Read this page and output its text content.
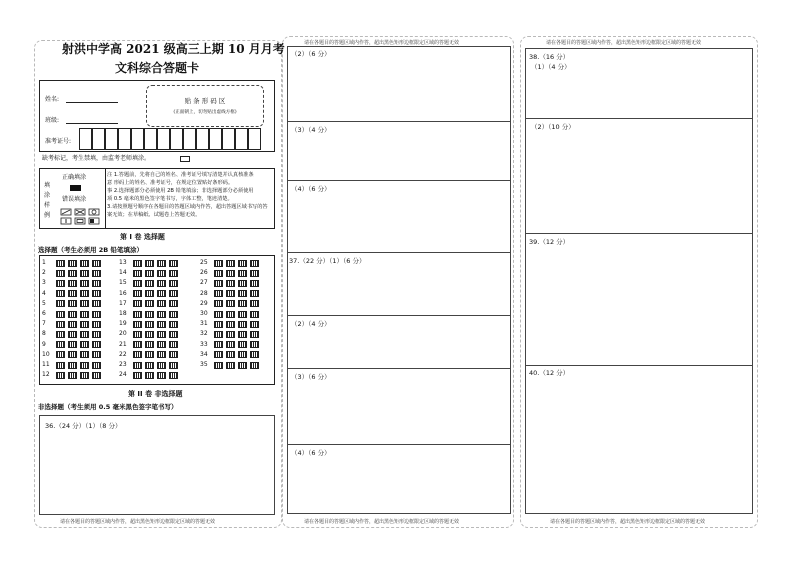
射洪中学高 2021 级高三上期 10 月月考
文科综合答题卡
姓名:
班级:
准考证号:
贴 条 形 码 区
(正面朝上，切勿贴出虚线方框)
缺考标记，考生禁填，由监考老师填涂。
填
涂
样
例
正确填涂
错误填涂
注 1.答题前，先将自己的姓名、准考证号填写清楚并认真核准条
意 形码上的姓名、准考证号，在规定位置贴好条形码。
事 2.选择题部分必须使用 2B 铅笔填涂；非选择题部分必须使用
项 0.5 毫米的黑色签字笔书写，字体工整，笔迹清楚。
3.请按照题号顺序在各题目的答题区域内作答，超出答题区域书写的答
案无效；在草稿纸、试题卷上答题无效。
第 I 卷 选择题
选择题（考生必须用 2B 铅笔填涂）
1
2
3
4
5
6
7
8
9
10
11
12
13
14
15
16
17
18
19
20
21
22
23
24
25
26
27
28
29
30
31
32
33
34
35
第 II 卷 非选择题
非选择题（考生须用 0.5 毫米黑色签字笔书写）
36.（24 分）（1）（8 分）
请在各题目的答题区域内作答，超出黑色矩形边框限定区域的答题无效
请在各题目的答题区域内作答，超出黑色矩形边框限定区域的答题无效
（2）（6 分）
（3）（4 分）
（4）（6 分）
37.（22 分）（1）（6 分）
（2）（4 分）
（3）（6 分）
（4）（6 分）
请在各题目的答题区域内作答，超出黑色矩形边框限定区域的答题无效
请在各题目的答题区域内作答，超出黑色矩形边框限定区域的答题无效
38.（16 分）
（1）（4 分）
（2）（10 分）
39.（12 分）
40.（12 分）
请在各题目的答题区域内作答，超出黑色矩形边框限定区域的答题无效
